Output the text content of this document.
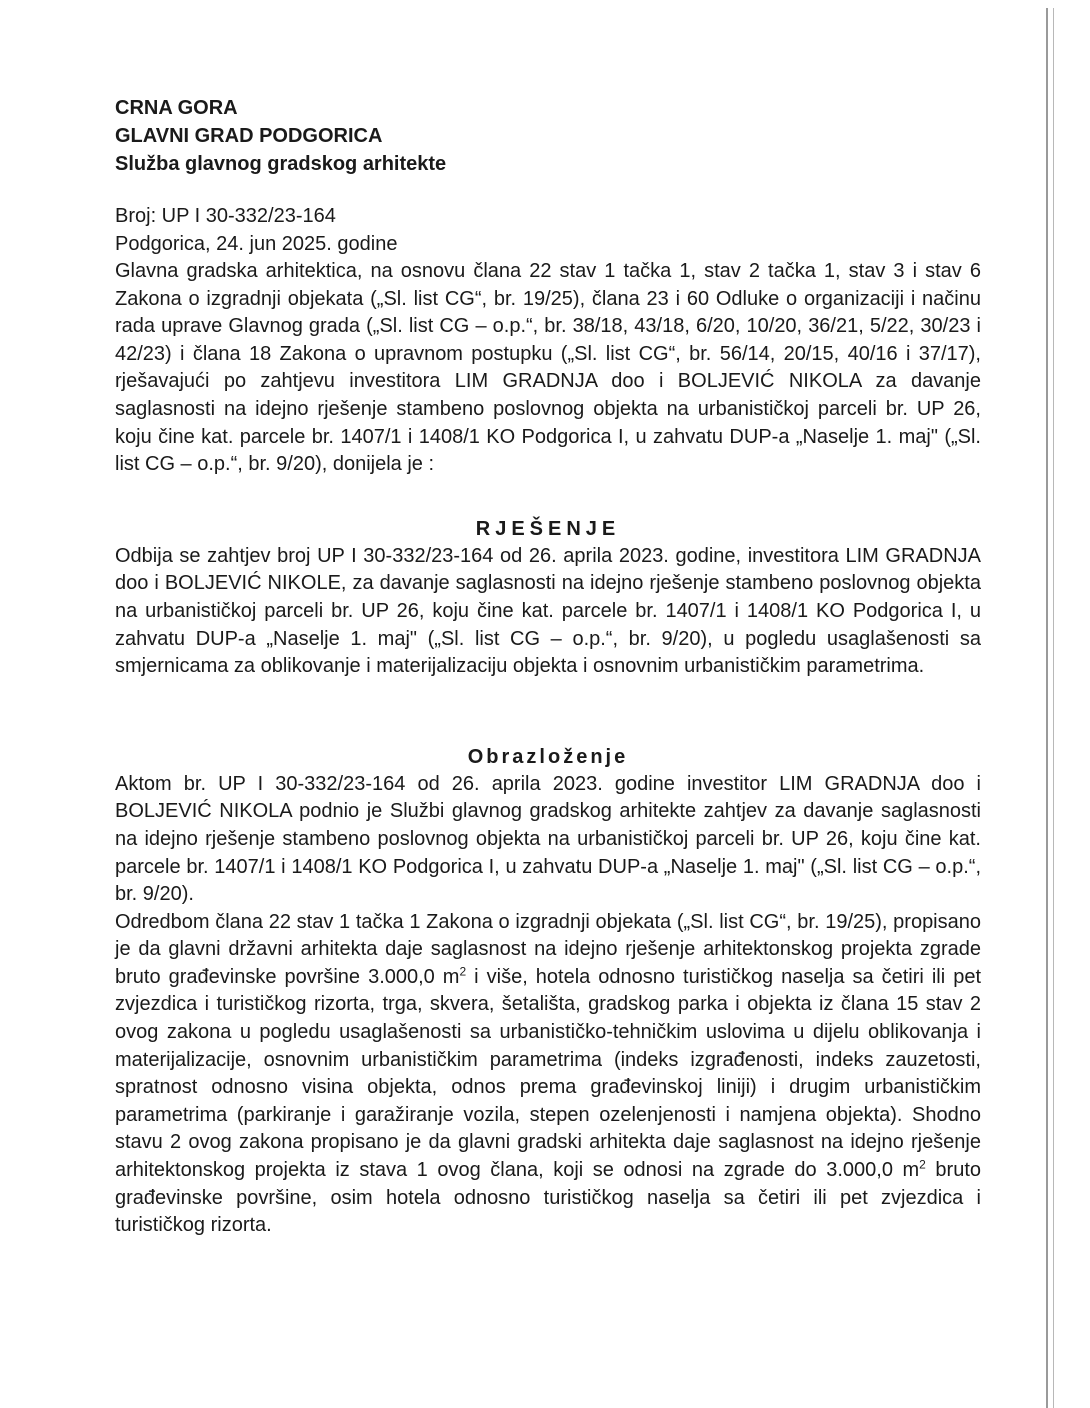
CRNA GORA

GLAVNI GRAD PODGORICA

Služba glavnog gradskog arhitekte

Broj: UP I 30-332/23-164

Podgorica, 24. jun 2025. godine

Glavna gradska arhitektica, na osnovu člana 22 stav 1 tačka 1, stav 2 tačka 1, stav 3 i stav 6 Zakona o izgradnji objekata („Sl. list CG“, br. 19/25), člana 23 i 60 Odluke o organizaciji i načinu rada uprave Glavnog grada („Sl. list CG – o.p.“, br. 38/18, 43/18, 6/20, 10/20, 36/21, 5/22, 30/23 i 42/23) i člana 18 Zakona o upravnom postupku („Sl. list CG“, br. 56/14, 20/15, 40/16 i 37/17), rješavajući po zahtjevu investitora LIM GRADNJA doo i BOLJEVIĆ NIKOLA za davanje saglasnosti na idejno rješenje stambeno poslovnog objekta na urbanističkoj parceli br. UP 26, koju čine kat. parcele br. 1407/1 i 1408/1 KO Podgorica I, u zahvatu DUP-a „Naselje 1. maj" („Sl. list CG – o.p.“, br. 9/20), donijela je :

RJEŠENJE

Odbija se zahtjev broj UP I 30-332/23-164 od 26. aprila 2023. godine, investitora LIM GRADNJA doo i BOLJEVIĆ NIKOLE, za davanje saglasnosti na idejno rješenje stambeno poslovnog objekta na urbanističkoj parceli br. UP 26, koju čine kat. parcele br. 1407/1 i 1408/1 KO Podgorica I, u zahvatu DUP-a „Naselje 1. maj" („Sl. list CG – o.p.“, br. 9/20), u pogledu usaglašenosti sa smjernicama za oblikovanje i materijalizaciju objekta i osnovnim urbanističkim parametrima.

Obrazloženje

Aktom br. UP I 30-332/23-164 od 26. aprila 2023. godine investitor LIM GRADNJA doo i BOLJEVIĆ NIKOLA podnio je Službi glavnog gradskog arhitekte zahtjev za davanje saglasnosti na idejno rješenje stambeno poslovnog objekta na urbanističkoj parceli br. UP 26, koju čine kat. parcele br. 1407/1 i 1408/1 KO Podgorica I, u zahvatu DUP-a „Naselje 1. maj" („Sl. list CG – o.p.“, br. 9/20).

Odredbom člana 22 stav 1 tačka 1 Zakona o izgradnji objekata („Sl. list CG“, br. 19/25), propisano je da glavni državni arhitekta daje saglasnost na idejno rješenje arhitektonskog projekta zgrade bruto građevinske površine 3.000,0 $m^2$ i više, hotela odnosno turističkog naselja sa četiri ili pet zvjezdica i turističkog rizorta, trga, skvera, šetališta, gradskog parka i objekta iz člana 15 stav 2 ovog zakona u pogledu usaglašenosti sa urbanističko-tehničkim uslovima u dijelu oblikovanja i materijalizacije, osnovnim urbanističkim parametrima (indeks izgrađenosti, indeks zauzetosti, spratnost odnosno visina objekta, odnos prema građevinskoj liniji) i drugim urbanističkim parametrima (parkiranje i garažiranje vozila, stepen ozelenjenosti i namjena objekta). Shodno stavu 2 ovog zakona propisano je da glavni gradski arhitekta daje saglasnost na idejno rješenje arhitektonskog projekta iz stava 1 ovog člana, koji se odnosi na zgrade do 3.000,0 $m^2$ bruto građevinske površine, osim hotela odnosno turističkog naselja sa četiri ili pet zvjezdica i turističkog rizorta.
